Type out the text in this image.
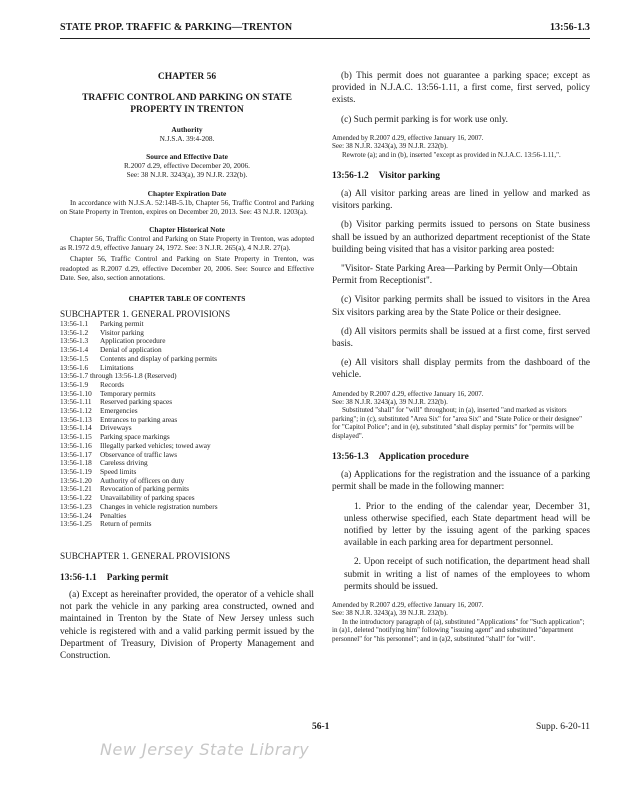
STATE PROP. TRAFFIC & PARKING—TRENTON	13:56-1.3

CHAPTER 56

TRAFFIC CONTROL AND PARKING ON STATE PROPERTY IN TRENTON

Authority

N.J.S.A. 39:4-208.

Source and Effective Date

R.2007 d.29, effective December 20, 2006.

See: 38 N.J.R. 3243(a), 39 N.J.R. 232(b).

Chapter Expiration Date

In accordance with N.J.S.A. 52:14B-5.1b, Chapter 56, Traffic Control and Parking on State Property in Trenton, expires on December 20, 2013. See: 43 N.J.R. 1203(a).

Chapter Historical Note

Chapter 56, Traffic Control and Parking on State Property in Trenton, was adopted as R.1972 d.9, effective January 24, 1972. See: 3 N.J.R. 265(a), 4 N.J.R. 27(a).

Chapter 56, Traffic Control and Parking on State Property in Trenton, was readopted as R.2007 d.29, effective December 20, 2006. See: Source and Effective Date. See, also, section annotations.

CHAPTER TABLE OF CONTENTS

SUBCHAPTER 1. GENERAL PROVISIONS

13:56-1.1	Parking permit
13:56-1.2	Visitor parking
13:56-1.3	Application procedure
13:56-1.4	Denial of application
13:56-1.5	Contents and display of parking permits
13:56-1.6	Limitations
13:56-1.7 through 13:56-1.8 (Reserved)
13:56-1.9	Records
13:56-1.10	Temporary permits
13:56-1.11	Reserved parking spaces
13:56-1.12	Emergencies
13:56-1.13	Entrances to parking areas
13:56-1.14	Driveways
13:56-1.15	Parking space markings
13:56-1.16	Illegally parked vehicles; towed away
13:56-1.17	Observance of traffic laws
13:56-1.18	Careless driving
13:56-1.19	Speed limits
13:56-1.20	Authority of officers on duty
13:56-1.21	Revocation of parking permits
13:56-1.22	Unavailability of parking spaces
13:56-1.23	Changes in vehicle registration numbers
13:56-1.24	Penalties
13:56-1.25	Return of permits

SUBCHAPTER 1. GENERAL PROVISIONS

13:56-1.1 Parking permit

(a) Except as hereinafter provided, the operator of a vehicle shall not park the vehicle in any parking area constructed, owned and maintained in Trenton by the State of New Jersey unless such vehicle is registered with and a valid parking permit issued by the Department of Treasury, Division of Property Management and Construction.

(b) This permit does not guarantee a parking space; except as provided in N.J.A.C. 13:56-1.11, a first come, first served, policy exists.

(c) Such permit parking is for work use only.

Amended by R.2007 d.29, effective January 16, 2007.

See: 38 N.J.R. 3243(a), 39 N.J.R. 232(b).

Rewrote (a); and in (b), inserted "except as provided in N.J.A.C. 13:56-1.11,".

13:56-1.2 Visitor parking

(a) All visitor parking areas are lined in yellow and marked as visitors parking.

(b) Visitor parking permits issued to persons on State business shall be issued by an authorized department receptionist of the State building being visited that has a visitor parking area posted:

"Visitor- State Parking Area—Parking by Permit Only—Obtain Permit from Receptionist".

(c) Visitor parking permits shall be issued to visitors in the Area Six visitors parking area by the State Police or their designee.

(d) All visitors permits shall be issued at a first come, first served basis.

(e) All visitors shall display permits from the dashboard of the vehicle.

Amended by R.2007 d.29, effective January 16, 2007.

See: 38 N.J.R. 3243(a), 39 N.J.R. 232(b).

Substituted "shall" for "will" throughout; in (a), inserted "and marked as visitors parking"; in (c), substituted "Area Six" for "area Six" and "State Police or their designee" for "Capitol Police"; and in (e), substituted "shall display permits" for "permits will be displayed".

13:56-1.3 Application procedure

(a) Applications for the registration and the issuance of a parking permit shall be made in the following manner:

1. Prior to the ending of the calendar year, December 31, unless otherwise specified, each State department head will be notified by letter by the issuing agent of the parking spaces available in each parking area for department personnel.

2. Upon receipt of such notification, the department head shall submit in writing a list of names of the employees to whom permits should be issued.

Amended by R.2007 d.29, effective January 16, 2007.

See: 38 N.J.R. 3243(a), 39 N.J.R. 232(b).

In the introductory paragraph of (a), substituted "Applications" for "Such application"; in (a)1, deleted "notifying him" following "issuing agent" and substituted "department personnel" for "his personnel"; and in (a)2, substituted "shall" for "will".

56-1	Supp. 6-20-11
New Jersey State Library
